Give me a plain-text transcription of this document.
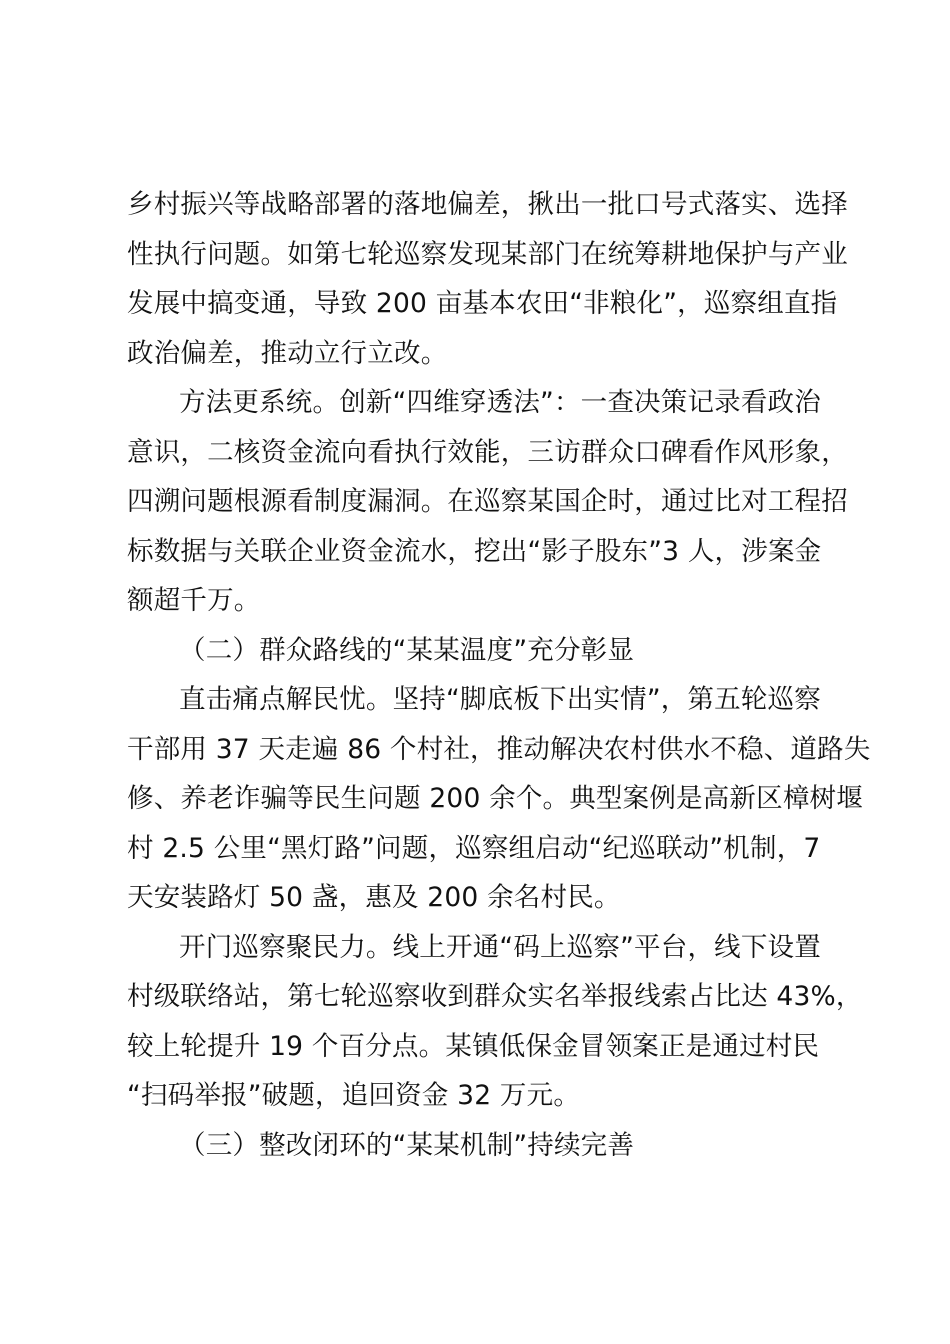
乡村振兴等战略部署的落地偏差，揪出一批口号式落实、选择
性执行问题。如第七轮巡察发现某部门在统筹耕地保护与产业
发展中搞变通，导致 200 亩基本农田“非粮化”，巡察组直指
政治偏差，推动立行立改。
方法更系统。创新“四维穿透法”：一查决策记录看政治
意识，二核资金流向看执行效能，三访群众口碑看作风形象，
四溯问题根源看制度漏洞。在巡察某国企时，通过比对工程招
标数据与关联企业资金流水，挖出“影子股东”3 人，涉案金
额超千万。
（二）群众路线的“某某温度”充分彰显
直击痛点解民忧。坚持“脚底板下出实情”，第五轮巡察
干部用 37 天走遍 86 个村社，推动解决农村供水不稳、道路失
修、养老诈骗等民生问题 200 余个。典型案例是高新区樟树堰
村 2.5 公里“黑灯路”问题，巡察组启动“纪巡联动”机制，7
天安装路灯 50 盏，惠及 200 余名村民。
开门巡察聚民力。线上开通“码上巡察”平台，线下设置
村级联络站，第七轮巡察收到群众实名举报线索占比达 43%，
较上轮提升 19 个百分点。某镇低保金冒领案正是通过村民
“扫码举报”破题，追回资金 32 万元。
（三）整改闭环的“某某机制”持续完善
